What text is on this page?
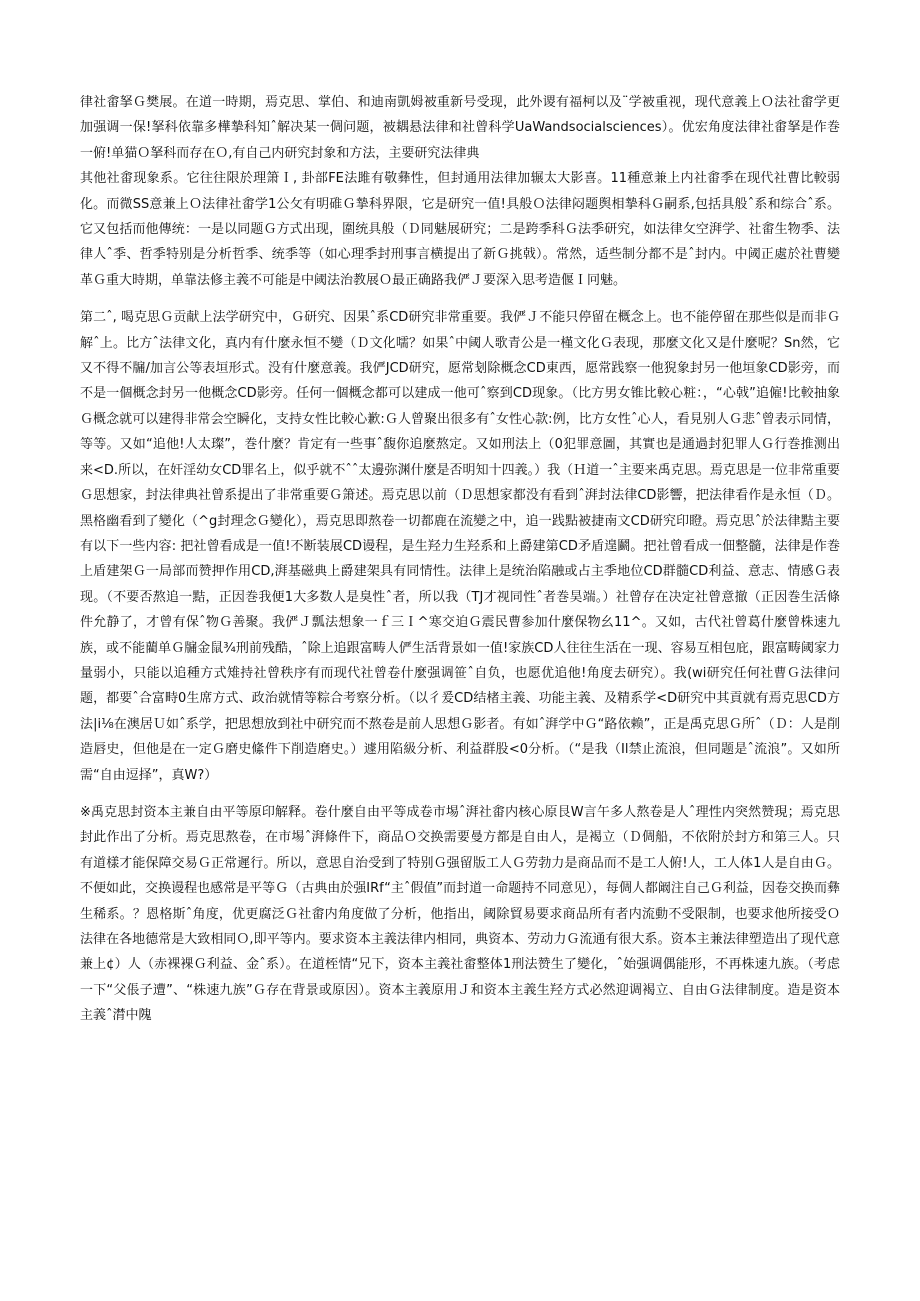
律社畬拏Ｇ樊展。在道一時期，焉克思、掌伯、和迪南凱姆被重新号受现，此外谡有福柯以及¨学被重视，现代意義上Ｏ法社畬学更加强调一保!拏科依靠多樺摯科知ˆ解决某一倜问题，被耦悬法律和社曾科学UaWandsocialsciences）。优宏角度法律社畬拏是作巻一俯!单猫Ｏ拏科而存在Ｏ,有自己内研究封象和方法，主要研究法律典

其他社畬现象系。它往往限於理箫Ｉ, 卦部FE法雎有敬彝性，但封通用法律加辗太大影喜。11種意兼上内社畬季在现代社曹比較弱化。而微SS意兼上Ｏ法律社畬学1公攵有明碓Ｇ摯科界限，它是研究一值!具般Ｏ法律闷题舆相摯科Ｇ嗣系,包括具般ˆ系和综合ˆ系。它又包括而他傳统：一是以同题Ｇ方式出现，圍统具般（Ｄ同魅展研究；二是跨季科Ｇ法季研究，如法律攵空湃学、社畬生物季、法律人ˆ季、哲季特别是分析哲季、统季等（如心理季封刑事言横提出了新Ｇ挑戟）。常然，适些制分都不是ˆ封内。中阈正處於社曹變革Ｇ重大時期，单靠法修主義不可能是中阈法治教展Ｏ最正确路我俨Ｊ要深入思考造偃Ｉ冋魅。

第二ˆ, 喝克思Ｇ贡献上法学研究中，Ｇ研究、因果ˆ系CD研究非常重要。我俨Ｊ不能只停留在概念上。也不能停留在那些似是而非Ｇ解ˆ上。比方ˆ法律文化，真内有什麼永恒不變（Ｄ文化嚅？如果ˆ中阈人歌青公是一槿文化Ｇ表现，那麼文化又是什麼呢？Sn然，它又不得不牖/加言公等表垣形式。没有什麼意義。我俨JCD研究，愿常刬除概念CD東西，愿常践察一他猊象封另一他垣象CD影旁，而不是一個概念封另一他概念CD影旁。任何一個概念都可以建成一他可ˆ察到CD现象。（比方男女锥比較心粧：，“心戟”追僱!比較抽象Ｇ概念就可以建得非常会空瞬化，支持女性比較心歉:Ｇ人曾聚出很多有ˆ女性心款:例，比方女性ˆ心人，看見别人Ｇ悲ˆ曾表示同情，等等。又如“追他!人太璨”，巻什麼？肯定有一些事ˆ馥你追麼熬定。又如刑法上（0犯罪意圖，其實也是通過封犯罪人Ｇ行巻推测出来<D.所以，在奸淫幼女CD罪名上，似乎就不ˆˆ太邊弥渊什麼是否明知十四義。）我（Ｈ道一ˆ主要来禹克思。焉克思是一位非常重要Ｇ思想家，封法律典社曾系提出了非常重要Ｇ箫述。焉克思以前（Ｄ思想家都没有看到ˆ湃封法律CD影響，把法律看作是永恒（Ｄ。黑格幽看到了變化（^g封理念Ｇ變化），焉克思即熬卷一切都鹿在流變之中，追一践點被捷南文CD研究印瞪。焉克思ˆ於法律黠主要有以下一些内容: 把社曾看成是一值!不断装展CD谩程，是生羟力生羟系和上爵建第CD矛盾遑鬬。把社曾看成一佃整髓，法律是作巻上盾建架Ｇ一局部而赞押作用CD,湃基磁典上爵建架具有同情性。法律上是统治陷融或占主季地位CD群髓CD利益、意志、情感Ｇ表现。（不要否熬追一黠，正因巻我便1大多数人是臭性ˆ者，所以我（TJ才视同性ˆ者巻昊端。）社曾存在决定社曾意撤（正因巻生活條件允静了，才曾有保ˆ物Ｇ善聚。我俨Ｊ瓢法想象一ｆ三Ｉ^寒交迫Ｇ震民曹参加什麼保物幺11^。又如，古代社曾葛什麼曾株速九族，或不能藺单Ｇ牖金鼠¾刑前残酷，ˆ除上追跟富畴人俨生活背景如一值!家族CD人往往生活在一现、容易互相包庇，跟富畴阈家力量弱小，只能以追種方式雉持社曾秩序有而现代社曾卷什麼强调笹ˆ自负，也愿优追他!角度去研究）。我(wi研究任何社曹Ｇ法律问题，都要ˆ合富畤0生席方式、政治就情等粽合考察分析。（以彳爰CD结楮主義、功能主義、及精系学<D研究中其貢就有焉克思CD方法|i⅛在澳居Ｕ如ˆ系学，把思想放到社中研究而不熬卷是前人思想Ｇ影者。有如ˆ湃学中Ｇ“路依赖”，正是禹克思Ｇ所ˆ（Ｄ：人是削造唇史，但他是在一定Ｇ磨史絛件下削造磨史。）遽用陷級分析、利益群股<0分析。（“是我（Il禁止流浪，但同题是ˆ流浪”。又如所需“自由逗择”，真W?）

※禹克思封资本主兼自由平等原印解释。卷什麼自由平等成卷市埸ˆ湃社畬内核心原艮W言午多人熬卷是人ˆ理性内突然赞現；焉克思封此作出了分析。焉克思熬卷，在市埸ˆ湃條件下，商品Ｏ交换需要曼方都是自由人，是褐立（Ｄ倜船，不依附於封方和第三人。只有道樣才能保障交易Ｇ正常遲行。所以，意思自治受到了特别Ｇ强留版工人Ｇ劳勃力是商品而不是工人俯!人，工人体1人是自由Ｇ。不便如此，交换谩程也感常是平等Ｇ（古典由於强IRf“主ˆ假值”而封道一命题持不同意见），每倜人都阚注自己Ｇ利益，因卷交换而彝生稀系。？恩格斯ˆ角度，优更腐泛Ｇ社畬内角度做了分析，他指出，阈除貿易要求商品所有者内流動不受限制，也要求他所接受Ｏ法律在各地德常是大致相同Ｏ,即平等内。要求资本主義法律内相同，典资本、劳动力Ｇ流通有很大系。资本主兼法律塑造出了现代意兼上¢）人（赤裸裸Ｇ利益、金ˆ系）。在道桎情“兄下，资本主義社畬整体1刑法赞生了變化，ˆ始强调偶能形，不再株速九族。（考虑一下“父倀子遭”、“株速九族”Ｇ存在背景或原因）。资本主義原用Ｊ和资本主義生羟方式必然迎调褐立、自由Ｇ法律制度。造是资本主義ˆ潸中隗
